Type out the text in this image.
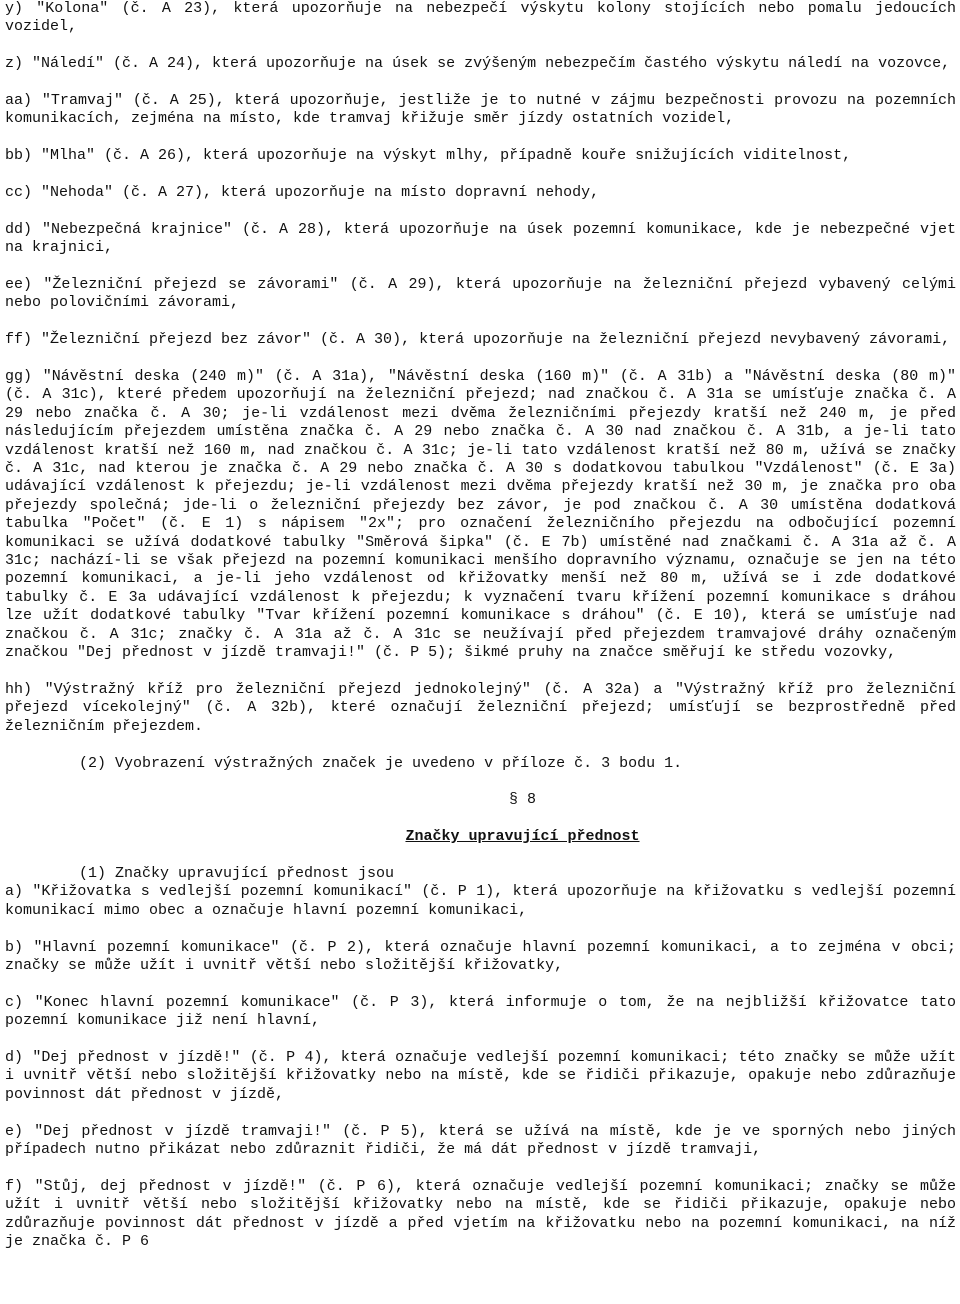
y) "Kolona" (č. A 23), která upozorňuje na nebezpečí výskytu kolony stojících nebo pomalu jedoucích vozidel,

z) "Náledí" (č. A 24), která upozorňuje na úsek se zvýšeným nebezpečím častého výskytu náledí na vozovce,

aa) "Tramvaj" (č. A 25), která upozorňuje, jestliže je to nutné v zájmu bezpečnosti provozu na pozemních komunikacích, zejména na místo, kde tramvaj křižuje směr jízdy ostatních vozidel,

bb) "Mlha" (č. A 26), která upozorňuje na výskyt mlhy, případně kouře snižujících viditelnost,

cc) "Nehoda" (č. A 27), která upozorňuje na místo dopravní nehody,

dd) "Nebezpečná krajnice" (č. A 28), která upozorňuje na úsek pozemní komunikace, kde je nebezpečné vjet na krajnici,

ee) "Železniční přejezd se závorami" (č. A 29), která upozorňuje na železniční přejezd vybavený celými nebo polovičními závorami,

ff) "Železniční přejezd bez závor" (č. A 30), která upozorňuje na železniční přejezd nevybavený závorami,

gg) "Návěstní deska (240 m)" (č. A 31a), "Návěstní deska (160 m)" (č. A 31b) a "Návěstní deska (80 m)" (č. A 31c), které předem upozorňují na železniční přejezd; nad značkou č. A 31a se umísťuje značka č. A 29 nebo značka č. A 30; je-li vzdálenost mezi dvěma železničními přejezdy kratší než 240 m, je před následujícím přejezdem umístěna značka č. A 29 nebo značka č. A 30 nad značkou č. A 31b, a je-li tato vzdálenost kratší než 160 m, nad značkou č. A 31c; je-li tato vzdálenost kratší než 80 m, užívá se značky č. A 31c, nad kterou je značka č. A 29 nebo značka č. A 30 s dodatkovou tabulkou "Vzdálenost" (č. E 3a) udávající vzdálenost k přejezdu; je-li vzdálenost mezi dvěma přejezdy kratší než 30 m, je značka pro oba přejezdy společná; jde-li o železniční přejezdy bez závor, je pod značkou č. A 30 umístěna dodatková tabulka "Počet" (č. E 1) s nápisem "2x"; pro označení železničního přejezdu na odbočující pozemní komunikaci se užívá dodatkové tabulky "Směrová šipka" (č. E 7b) umístěné nad značkami č. A 31a až č. A 31c; nachází-li se však přejezd na pozemní komunikaci menšího dopravního významu, označuje se jen na této pozemní komunikaci, a je-li jeho vzdálenost od křižovatky menší než 80 m, užívá se i zde dodatkové tabulky č. E 3a udávající vzdálenost k přejezdu; k vyznačení tvaru křížení pozemní komunikace s dráhou lze užít dodatkové tabulky "Tvar křížení pozemní komunikace s dráhou" (č. E 10), která se umísťuje nad značkou č. A 31c; značky č. A 31a až č. A 31c se neužívají před přejezdem tramvajové dráhy označeným značkou "Dej přednost v jízdě tramvaji!" (č. P 5); šikmé pruhy na značce směřují ke středu vozovky,

hh) "Výstražný kříž pro železniční přejezd jednokolejný" (č. A 32a) a "Výstražný kříž pro železniční přejezd vícekolejný" (č. A 32b), které označují železniční přejezd; umísťují se bezprostředně před železničním přejezdem.

(2) Vyobrazení výstražných značek je uvedeno v příloze č. 3 bodu 1.

§ 8

Značky upravující přednost

(1) Značky upravující přednost jsou

a) "Křižovatka s vedlejší pozemní komunikací" (č. P 1), která upozorňuje na křižovatku s vedlejší pozemní komunikací mimo obec a označuje hlavní pozemní komunikaci,

b) "Hlavní pozemní komunikace" (č. P 2), která označuje hlavní pozemní komunikaci, a to zejména v obci; značky se může užít i uvnitř větší nebo složitější křižovatky,

c) "Konec hlavní pozemní komunikace" (č. P 3), která informuje o tom, že na nejbližší křižovatce tato pozemní komunikace již není hlavní,

d) "Dej přednost v jízdě!" (č. P 4), která označuje vedlejší pozemní komunikaci; této značky se může užít i uvnitř větší nebo složitější křižovatky nebo na místě, kde se řidiči přikazuje, opakuje nebo zdůrazňuje povinnost dát přednost v jízdě,

e) "Dej přednost v jízdě tramvaji!" (č. P 5), která se užívá na místě, kde je ve sporných nebo jiných případech nutno přikázat nebo zdůraznit řidiči, že má dát přednost v jízdě tramvaji,

f) "Stůj, dej přednost v jízdě!" (č. P 6), která označuje vedlejší pozemní komunikaci; značky se může užít i uvnitř větší nebo složitější křižovatky nebo na místě, kde se řidiči přikazuje, opakuje nebo zdůrazňuje povinnost dát přednost v jízdě a před vjetím na křižovatku nebo na pozemní komunikaci, na níž je značka č. P 6
